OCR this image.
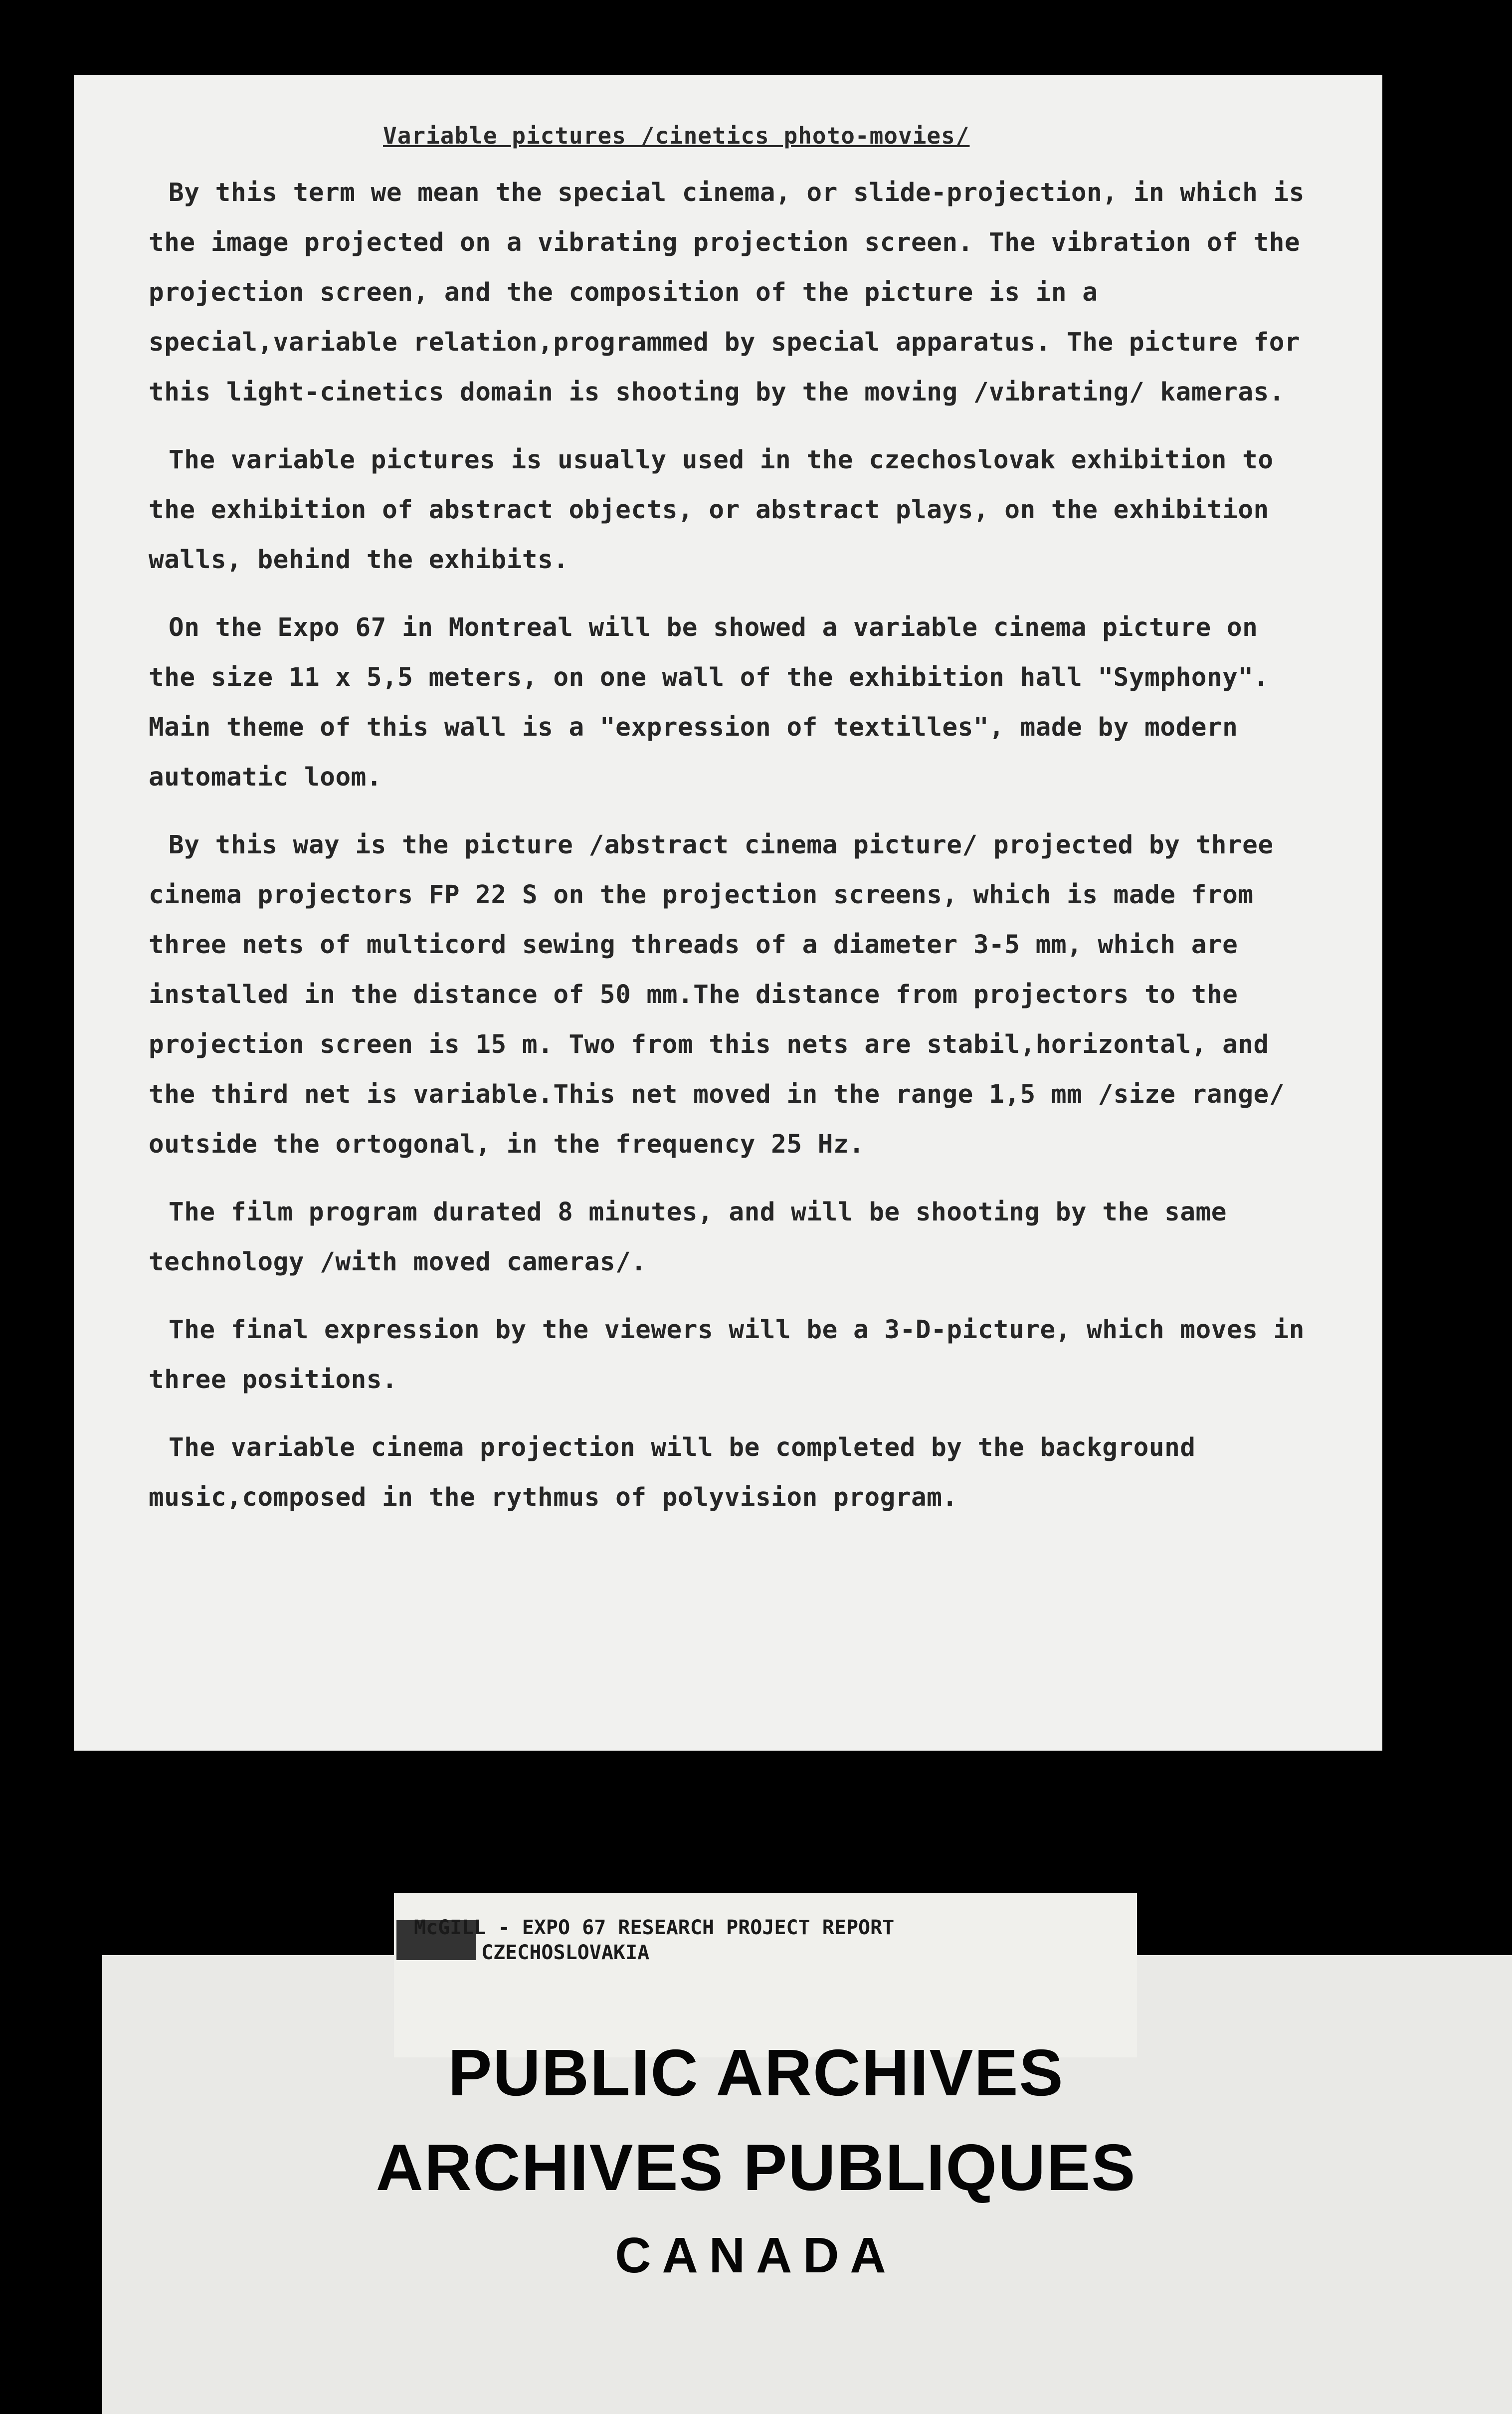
Variable pictures /cinetics photo-movies/

By this term we mean the special cinema, or slide-projection, in which is the image projected on a vibrating projection screen. The vibration of the projection screen, and the composition of the picture is in a special,variable relation,programmed by special apparatus. The picture for this light-cinetics domain is shooting by the moving /vibrating/ kameras.

The variable pictures is usually used in the czechoslovak exhibition to the exhibition of abstract objects, or abstract plays, on the exhibition walls, behind the exhibits.

On the Expo 67 in Montreal will be showed a variable cinema picture on the size 11 x 5,5 meters, on one wall of the exhibition hall "Symphony". Main theme of this wall is a "expression of textilles", made by modern automatic loom.

By this way is the picture /abstract cinema picture/ projected by three cinema projectors FP 22 S on the projection screens, which is made from three nets of multicord sewing threads of a diameter 3-5 mm, which are installed in the distance of 50 mm.The distance from projectors to the projection screen is 15 m. Two from this nets are stabil,horizontal, and the third net is variable.This net moved in the range 1,5 mm /size range/ outside the ortogonal, in the frequency 25 Hz.

The film program durated 8 minutes, and will be shooting by the same technology /with moved cameras/.

The final expression by the viewers will be a 3-D-picture, which moves in three positions.

The variable cinema projection will be completed by the background music,composed in the rythmus of polyvision program.

McGILL - EXPO 67 RESEARCH PROJECT REPORT
CZECHOSLOVAKIA
PUBLIC ARCHIVES
ARCHIVES PUBLIQUES
CANADA
